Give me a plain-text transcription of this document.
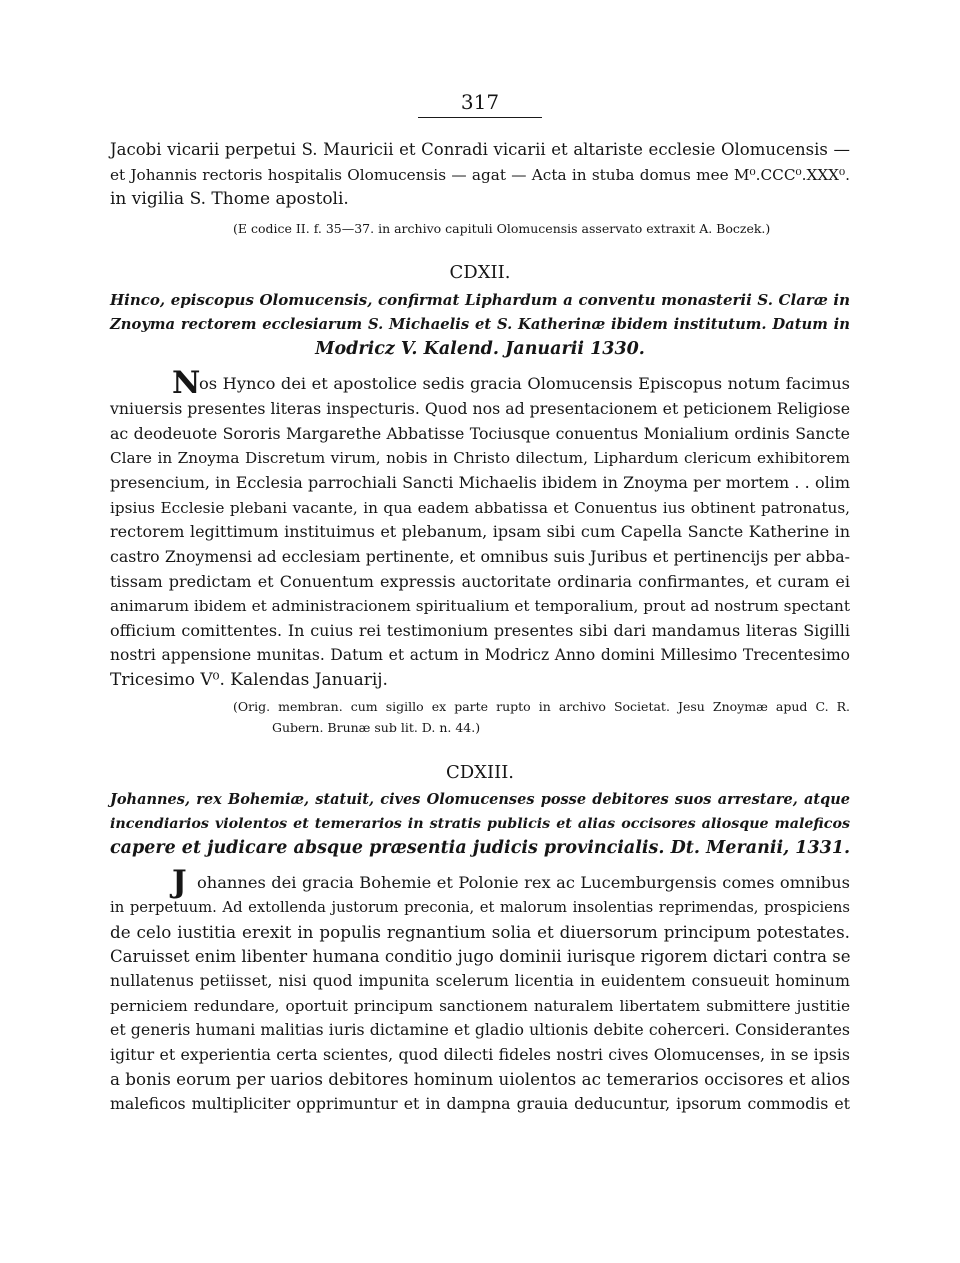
317
Jacobi vicarii perpetui S. Mauricii et Conradi vicarii et altariste ecclesie Olomucensis —
et Johannis rectoris hospitalis Olomucensis — agat — Acta in stuba domus mee M⁰.CCC⁰.XXX⁰.
in vigilia S. Thome apostoli.
(E codice II. f. 35—37. in archivo capituli Olomucensis asservato extraxit A. Boczek.)
CDXII.
Hinco, episcopus Olomucensis, confirmat Liphardum a conventu monasterii S. Claræ in
Znoyma rectorem ecclesiarum S. Michaelis et S. Katherinæ ibidem institutum. Datum in
Modricz V. Kalend. Januarii 1330.
N
os Hynco dei et apostolice sedis gracia Olomucensis Episcopus notum facimus
vniuersis presentes literas inspecturis. Quod nos ad presentacionem et peticionem Religiose
ac deodeuote Sororis Margarethe Abbatisse Tociusque conuentus Monialium ordinis Sancte
Clare in Znoyma Discretum virum, nobis in Christo dilectum, Liphardum clericum exhibitorem
presencium, in Ecclesia parrochiali Sancti Michaelis ibidem in Znoyma per mortem . . olim
ipsius Ecclesie plebani vacante, in qua eadem abbatissa et Conuentus ius obtinent patronatus,
rectorem legittimum instituimus et plebanum, ipsam sibi cum Capella Sancte Katherine in
castro Znoymensi ad ecclesiam pertinente, et omnibus suis Juribus et pertinencijs per abba-
tissam predictam et Conuentum expressis auctoritate ordinaria confirmantes, et curam ei
animarum ibidem et administracionem spiritualium et temporalium, prout ad nostrum spectant
officium comittentes. In cuius rei testimonium presentes sibi dari mandamus literas Sigilli
nostri appensione munitas. Datum et actum in Modricz Anno domini Millesimo Trecentesimo
Tricesimo V⁰. Kalendas Januarij.
(Orig. membran. cum sigillo ex parte rupto in archivo Societat. Jesu Znoymæ apud C. R.
Gubern. Brunæ sub lit. D. n. 44.)
CDXIII.
Johannes, rex Bohemiæ, statuit, cives Olomucenses posse debitores suos arrestare, atque
incendiarios violentos et temerarios in stratis publicis et alias occisores aliosque maleficos
capere et judicare absque præsentia judicis provincialis. Dt. Meranii, 1331.
J ohannes dei gracia Bohemie et Polonie rex ac Lucemburgensis comes omnibus
in perpetuum. Ad extollenda justorum preconia, et malorum insolentias reprimendas, prospiciens
de celo iustitia erexit in populis regnantium solia et diuersorum principum potestates.
Caruisset enim libenter humana conditio jugo dominii iurisque rigorem dictari contra se
nullatenus petiisset, nisi quod impunita scelerum licentia in euidentem consueuit hominum
perniciem redundare, oportuit principum sanctionem naturalem libertatem submittere justitie
et generis humani malitias iuris dictamine et gladio ultionis debite coherceri. Considerantes
igitur et experientia certa scientes, quod dilecti fideles nostri cives Olomucenses, in se ipsis
a bonis eorum per uarios debitores hominum uiolentos ac temerarios occisores et alios
maleficos multipliciter opprimuntur et in dampna grauia deducuntur, ipsorum commodis et
